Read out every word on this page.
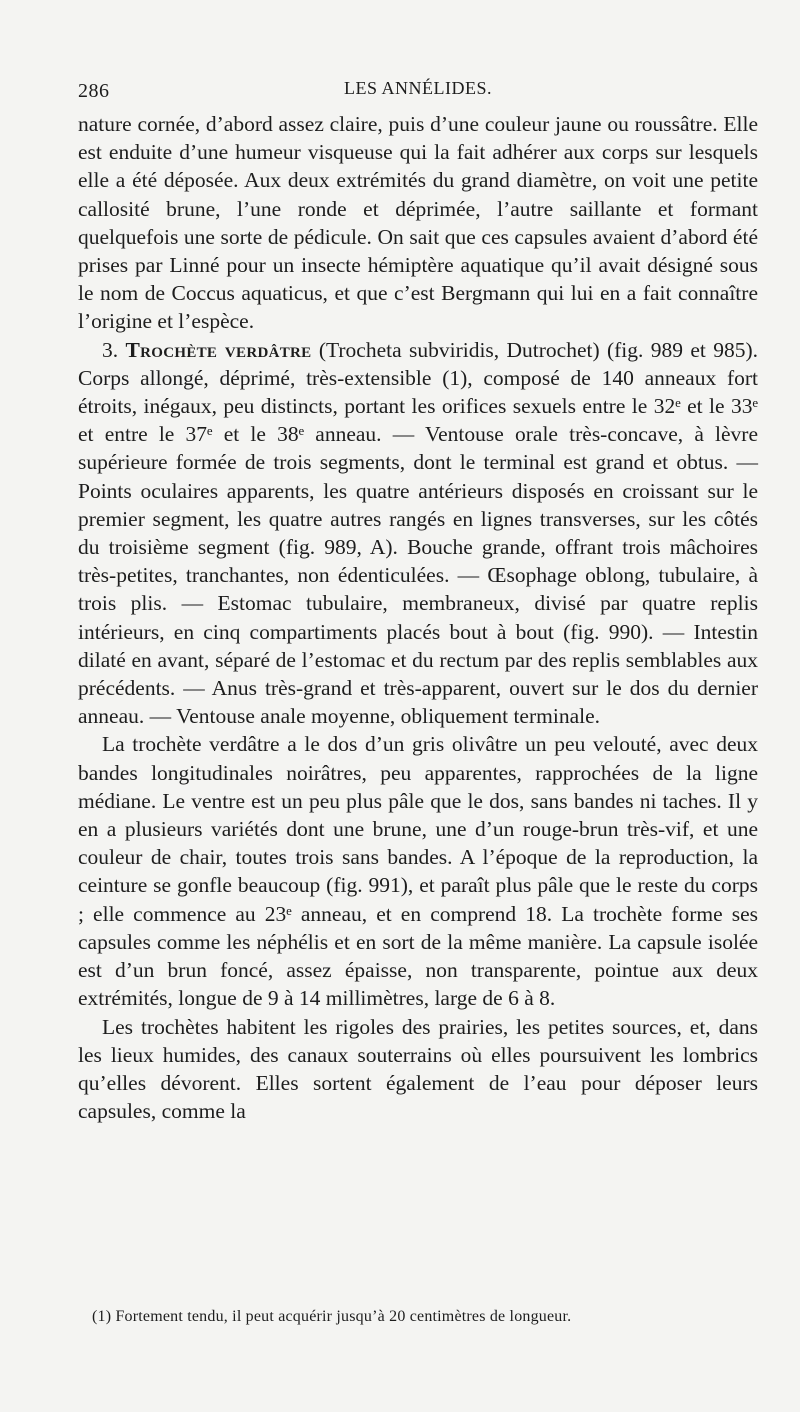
286	LES ANNÉLIDES.

nature cornée, d’abord assez claire, puis d’une couleur jaune ou roussâtre. Elle est enduite d’une humeur visqueuse qui la fait adhérer aux corps sur lesquels elle a été déposée. Aux deux extrémités du grand diamètre, on voit une petite callosité brune, l’une ronde et déprimée, l’autre saillante et formant quelquefois une sorte de pédicule. On sait que ces capsules avaient d’abord été prises par Linné pour un insecte hémiptère aquatique qu’il avait désigné sous le nom de Coccus aquaticus, et que c’est Bergmann qui lui en a fait connaître l’origine et l’espèce.

3. Trochète verdâtre (Trocheta subviridis, Dutrochet) (fig. 989 et 985). Corps allongé, déprimé, très-extensible (1), composé de 140 anneaux fort étroits, inégaux, peu distincts, portant les orifices sexuels entre le 32ᵉ et le 33ᵉ et entre le 37ᵉ et le 38ᵉ anneau. — Ventouse orale très-concave, à lèvre supérieure formée de trois segments, dont le terminal est grand et obtus. — Points oculaires apparents, les quatre antérieurs disposés en croissant sur le premier segment, les quatre autres rangés en lignes transverses, sur les côtés du troisième segment (fig. 989, A). Bouche grande, offrant trois mâchoires très-petites, tranchantes, non édenticulées. — Œsophage oblong, tubulaire, à trois plis. — Estomac tubulaire, membraneux, divisé par quatre replis intérieurs, en cinq compartiments placés bout à bout (fig. 990). — Intestin dilaté en avant, séparé de l’estomac et du rectum par des replis semblables aux précédents. — Anus très-grand et très-apparent, ouvert sur le dos du dernier anneau. — Ventouse anale moyenne, obliquement terminale.

La trochète verdâtre a le dos d’un gris olivâtre un peu velouté, avec deux bandes longitudinales noirâtres, peu apparentes, rapprochées de la ligne médiane. Le ventre est un peu plus pâle que le dos, sans bandes ni taches. Il y en a plusieurs variétés dont une brune, une d’un rouge-brun très-vif, et une couleur de chair, toutes trois sans bandes. A l’époque de la reproduction, la ceinture se gonfle beaucoup (fig. 991), et paraît plus pâle que le reste du corps ; elle commence au 23ᵉ anneau, et en comprend 18. La trochète forme ses capsules comme les néphélis et en sort de la même manière. La capsule isolée est d’un brun foncé, assez épaisse, non transparente, pointue aux deux extrémités, longue de 9 à 14 millimètres, large de 6 à 8.

Les trochètes habitent les rigoles des prairies, les petites sources, et, dans les lieux humides, des canaux souterrains où elles poursuivent les lombrics qu’elles dévorent. Elles sortent également de l’eau pour déposer leurs capsules, comme la

(1) Fortement tendu, il peut acquérir jusqu’à 20 centimètres de longueur.
